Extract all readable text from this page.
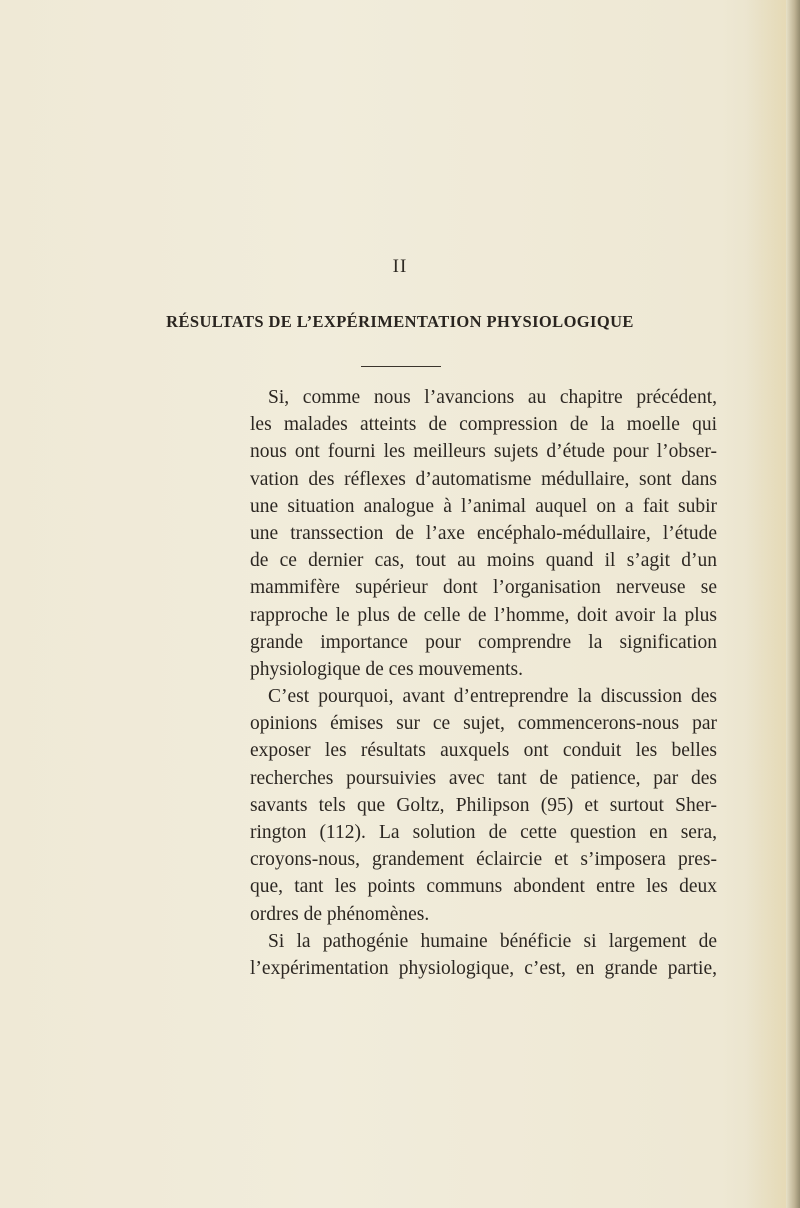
II
RÉSULTATS DE L’EXPÉRIMENTATION PHYSIOLOGIQUE
Si, comme nous l’avancions au chapitre précédent,
les malades atteints de compression de la moelle qui
nous ont fourni les meilleurs sujets d’étude pour l’obser-
vation des réflexes d’automatisme médullaire, sont dans
une situation analogue à l’animal auquel on a fait subir
une transsection de l’axe encéphalo-médullaire, l’étude
de ce dernier cas, tout au moins quand il s’agit d’un
mammifère supérieur dont l’organisation nerveuse se
rapproche le plus de celle de l’homme, doit avoir la plus
grande importance pour comprendre la signification
physiologique de ces mouvements.
C’est pourquoi, avant d’entreprendre la discussion des
opinions émises sur ce sujet, commencerons-nous par
exposer les résultats auxquels ont conduit les belles
recherches poursuivies avec tant de patience, par des
savants tels que Goltz, Philipson (95) et surtout Sher-
rington (112). La solution de cette question en sera,
croyons-nous, grandement éclaircie et s’imposera pres-
que, tant les points communs abondent entre les deux
ordres de phénomènes.
Si la pathogénie humaine bénéficie si largement de
l’expérimentation physiologique, c’est, en grande partie,
